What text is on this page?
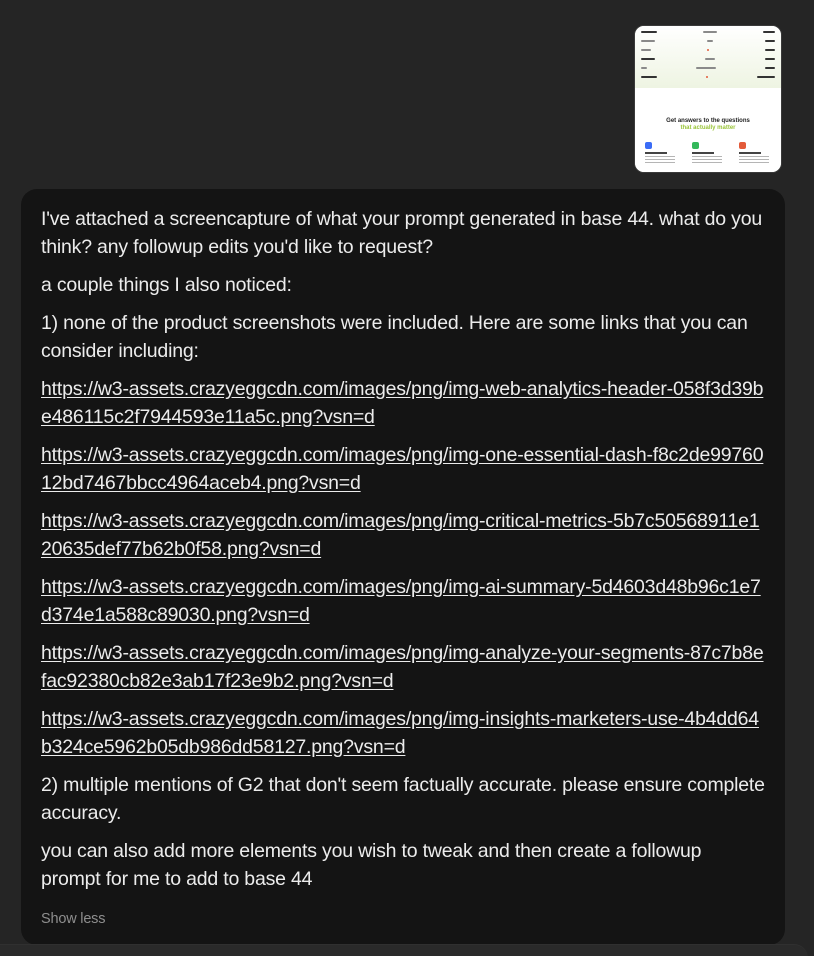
Get answers to the questions
that actually matter

I've attached a screencapture of what your prompt generated in base 44. what do you think? any followup edits you'd like to request?

a couple things I also noticed:

1) none of the product screenshots were included. Here are some links that you can consider including:

https://w3-assets.crazyeggcdn.com/images/png/img-web-analytics-header-058f3d39be486115c2f7944593e11a5c.png?vsn=d
https://w3-assets.crazyeggcdn.com/images/png/img-one-essential-dash-f8c2de9976012bd7467bbcc4964aceb4.png?vsn=d
https://w3-assets.crazyeggcdn.com/images/png/img-critical-metrics-5b7c50568911e120635def77b62b0f58.png?vsn=d
https://w3-assets.crazyeggcdn.com/images/png/img-ai-summary-5d4603d48b96c1e7d374e1a588c89030.png?vsn=d
https://w3-assets.crazyeggcdn.com/images/png/img-analyze-your-segments-87c7b8efac92380cb82e3ab17f23e9b2.png?vsn=d
https://w3-assets.crazyeggcdn.com/images/png/img-insights-marketers-use-4b4dd64b324ce5962b05db986dd58127.png?vsn=d

2) multiple mentions of G2 that don't seem factually accurate. please ensure complete accuracy.

you can also add more elements you wish to tweak and then create a followup prompt for me to add to base 44

Show less
